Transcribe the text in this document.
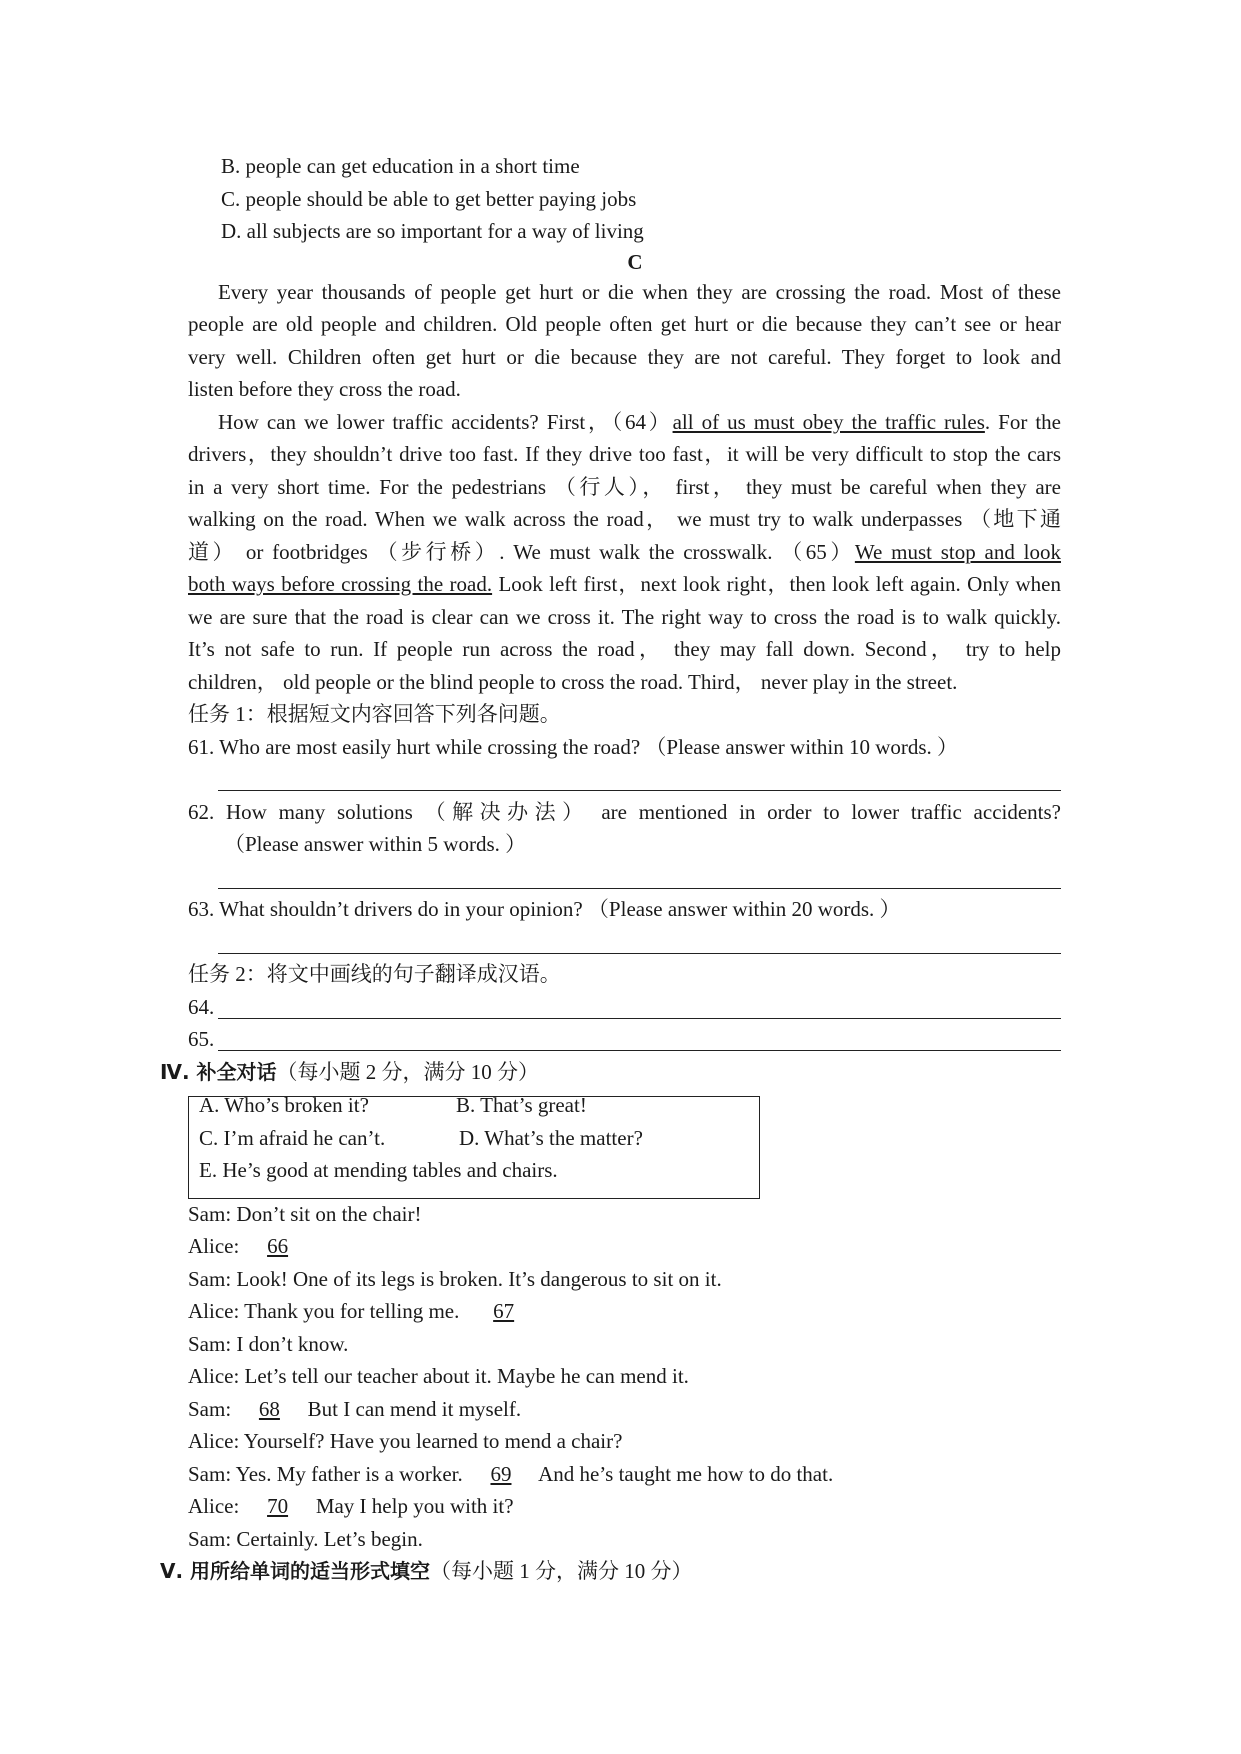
B. people can get education in a short time
C. people should be able to get better paying jobs
D. all subjects are so important for a way of living
C
Every year thousands of people get hurt or die when they are crossing the road. Most of these
people are old people and children. Old people often get hurt or die because they can’t see or hear
very well. Children often get hurt or die because they are not careful. They forget to look and
listen before they cross the road.
How can we lower traffic accidents? First，（64）all of us must obey the traffic rules. For the
drivers，they shouldn’t drive too fast. If they drive too fast，it will be very difficult to stop the cars
in a very short time. For the pedestrians （行人）， first， they must be careful when they are
walking on the road. When we walk across the road， we must try to walk underpasses （地下通
道） or footbridges （步行桥）. We must walk the crosswalk. （65）We must stop and look
both ways before crossing the road. Look left first，next look right，then look left again. Only when
we are sure that the road is clear can we cross it. The right way to cross the road is to walk quickly.
It’s not safe to run. If people run across the road， they may fall down. Second， try to help
children， old people or the blind people to cross the road. Third， never play in the street.
任务 1：根据短文内容回答下列各问题。
61. Who are most easily hurt while crossing the road? （Please answer within 10 words. ）
62. How many solutions （解决办法） are mentioned in order to lower traffic accidents?
（Please answer within 5 words. ）
63. What shouldn’t drivers do in your opinion? （Please answer within 20 words. ）
任务 2：将文中画线的句子翻译成汉语。
64.
65.
Ⅳ. 补全对话（每小题 2 分，满分 10 分）
A. Who’s broken it?	B. That’s great!
C. I’m afraid he can’t.	D. What’s the matter?
E. He’s good at mending tables and chairs.
Sam: Don’t sit on the chair!
Alice: 66
Sam: Look! One of its legs is broken. It’s dangerous to sit on it.
Alice: Thank you for telling me. 67
Sam: I don’t know.
Alice: Let’s tell our teacher about it. Maybe he can mend it.
Sam: 68 But I can mend it myself.
Alice: Yourself? Have you learned to mend a chair?
Sam: Yes. My father is a worker. 69 And he’s taught me how to do that.
Alice: 70 May I help you with it?
Sam: Certainly. Let’s begin.
Ⅴ. 用所给单词的适当形式填空（每小题 1 分，满分 10 分）
